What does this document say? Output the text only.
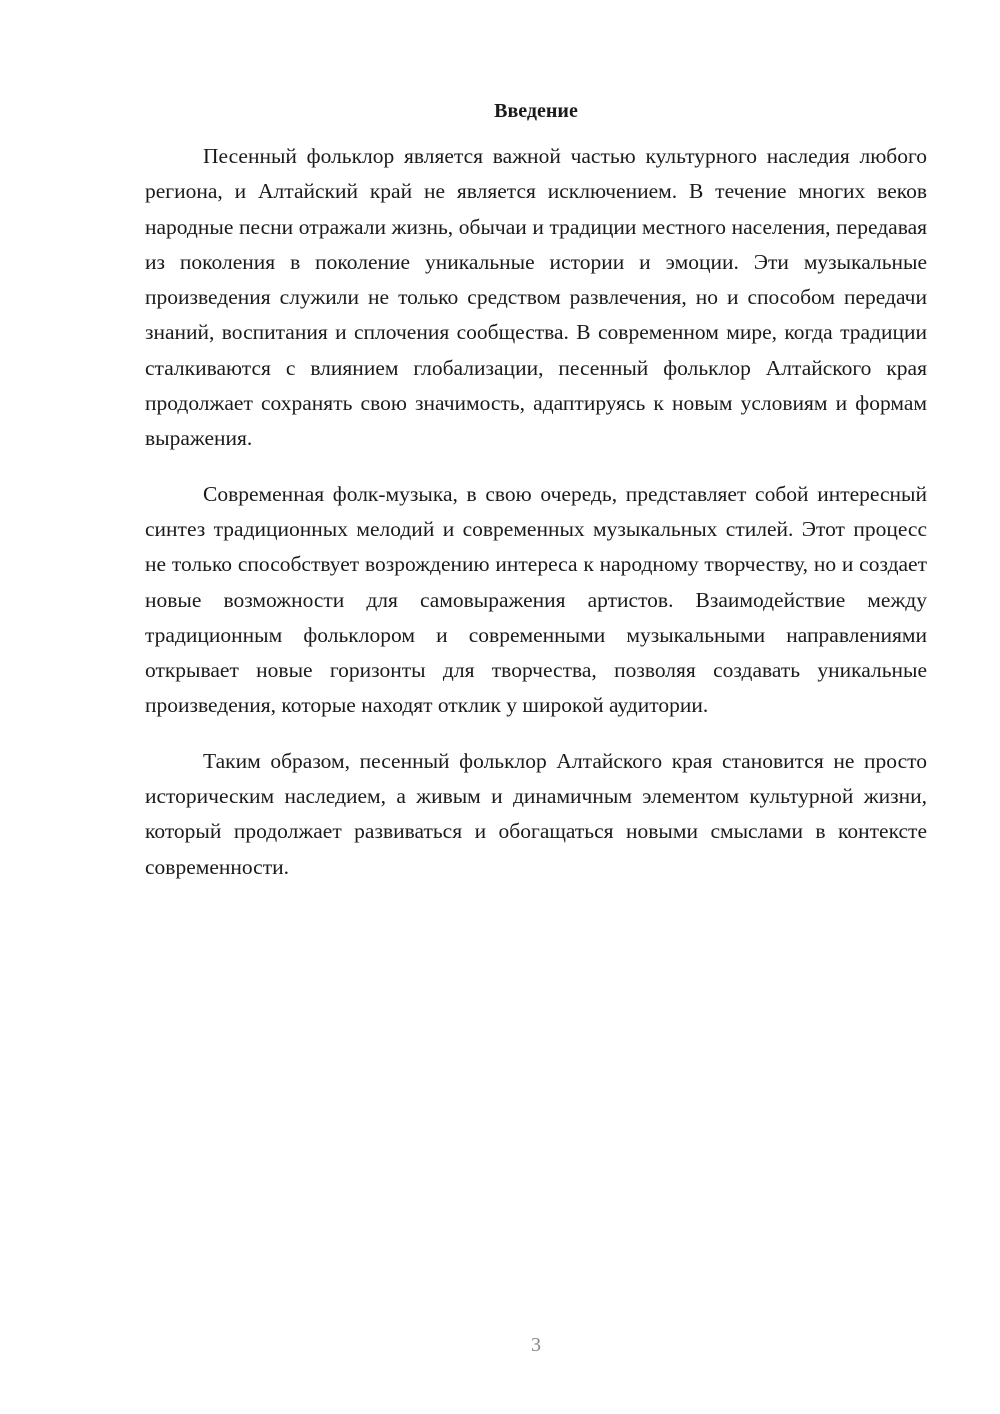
Введение

Песенный фольклор является важной частью культурного наследия любого региона, и Алтайский край не является исключением. В течение многих веков народные песни отражали жизнь, обычаи и традиции местного населения, передавая из поколения в поколение уникальные истории и эмоции. Эти музыкальные произведения служили не только средством развлечения, но и способом передачи знаний, воспитания и сплочения сообщества. В современном мире, когда традиции сталкиваются с влиянием глобализации, песенный фольклор Алтайского края продолжает сохранять свою значимость, адаптируясь к новым условиям и формам выражения.

Современная фолк-музыка, в свою очередь, представляет собой интересный синтез традиционных мелодий и современных музыкальных стилей. Этот процесс не только способствует возрождению интереса к народному творчеству, но и создает новые возможности для самовыражения артистов. Взаимодействие между традиционным фольклором и современными музыкальными направлениями открывает новые горизонты для творчества, позволяя создавать уникальные произведения, которые находят отклик у широкой аудитории.

Таким образом, песенный фольклор Алтайского края становится не просто историческим наследием, а живым и динамичным элементом культурной жизни, который продолжает развиваться и обогащаться новыми смыслами в контексте современности.

3
